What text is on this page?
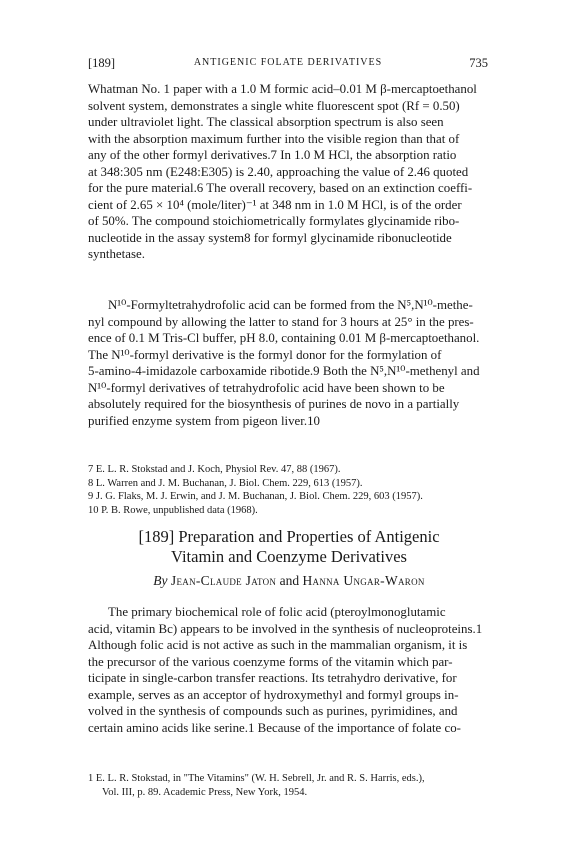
[189]	ANTIGENIC FOLATE DERIVATIVES	735
Whatman No. 1 paper with a 1.0 M formic acid–0.01 M β-mercaptoethanol
solvent system, demonstrates a single white fluorescent spot (Rf = 0.50)
under ultraviolet light. The classical absorption spectrum is also seen
with the absorption maximum further into the visible region than that of
any of the other formyl derivatives.7 In 1.0 M HCl, the absorption ratio
at 348:305 nm (E248:E305) is 2.40, approaching the value of 2.46 quoted
for the pure material.6 The overall recovery, based on an extinction coeffi-
cient of 2.65 × 10⁴ (mole/liter)⁻¹ at 348 nm in 1.0 M HCl, is of the order
of 50%. The compound stoichiometrically formylates glycinamide ribo-
nucleotide in the assay system8 for formyl glycinamide ribonucleotide
synthetase.
N¹⁰-Formyltetrahydrofolic acid can be formed from the N⁵,N¹⁰-methe-
nyl compound by allowing the latter to stand for 3 hours at 25° in the pres-
ence of 0.1 M Tris-Cl buffer, pH 8.0, containing 0.01 M β-mercaptoethanol.
The N¹⁰-formyl derivative is the formyl donor for the formylation of
5-amino-4-imidazole carboxamide ribotide.9 Both the N⁵,N¹⁰-methenyl and
N¹⁰-formyl derivatives of tetrahydrofolic acid have been shown to be
absolutely required for the biosynthesis of purines de novo in a partially
purified enzyme system from pigeon liver.10

7 E. L. R. Stokstad and J. Koch, Physiol Rev. 47, 88 (1967).

8 L. Warren and J. M. Buchanan, J. Biol. Chem. 229, 613 (1957).

9 J. G. Flaks, M. J. Erwin, and J. M. Buchanan, J. Biol. Chem. 229, 603 (1957).

10 P. B. Rowe, unpublished data (1968).

[189] Preparation and Properties of Antigenic

Vitamin and Coenzyme Derivatives

By Jean-Claude Jaton and Hanna Ungar-Waron
The primary biochemical role of folic acid (pteroylmonoglutamic
acid, vitamin Bc) appears to be involved in the synthesis of nucleoproteins.1
Although folic acid is not active as such in the mammalian organism, it is
the precursor of the various coenzyme forms of the vitamin which par-
ticipate in single-carbon transfer reactions. Its tetrahydro derivative, for
example, serves as an acceptor of hydroxymethyl and formyl groups in-
volved in the synthesis of compounds such as purines, pyrimidines, and
certain amino acids like serine.1 Because of the importance of folate co-

1 E. L. R. Stokstad, in "The Vitamins" (W. H. Sebrell, Jr. and R. S. Harris, eds.),

Vol. III, p. 89. Academic Press, New York, 1954.
